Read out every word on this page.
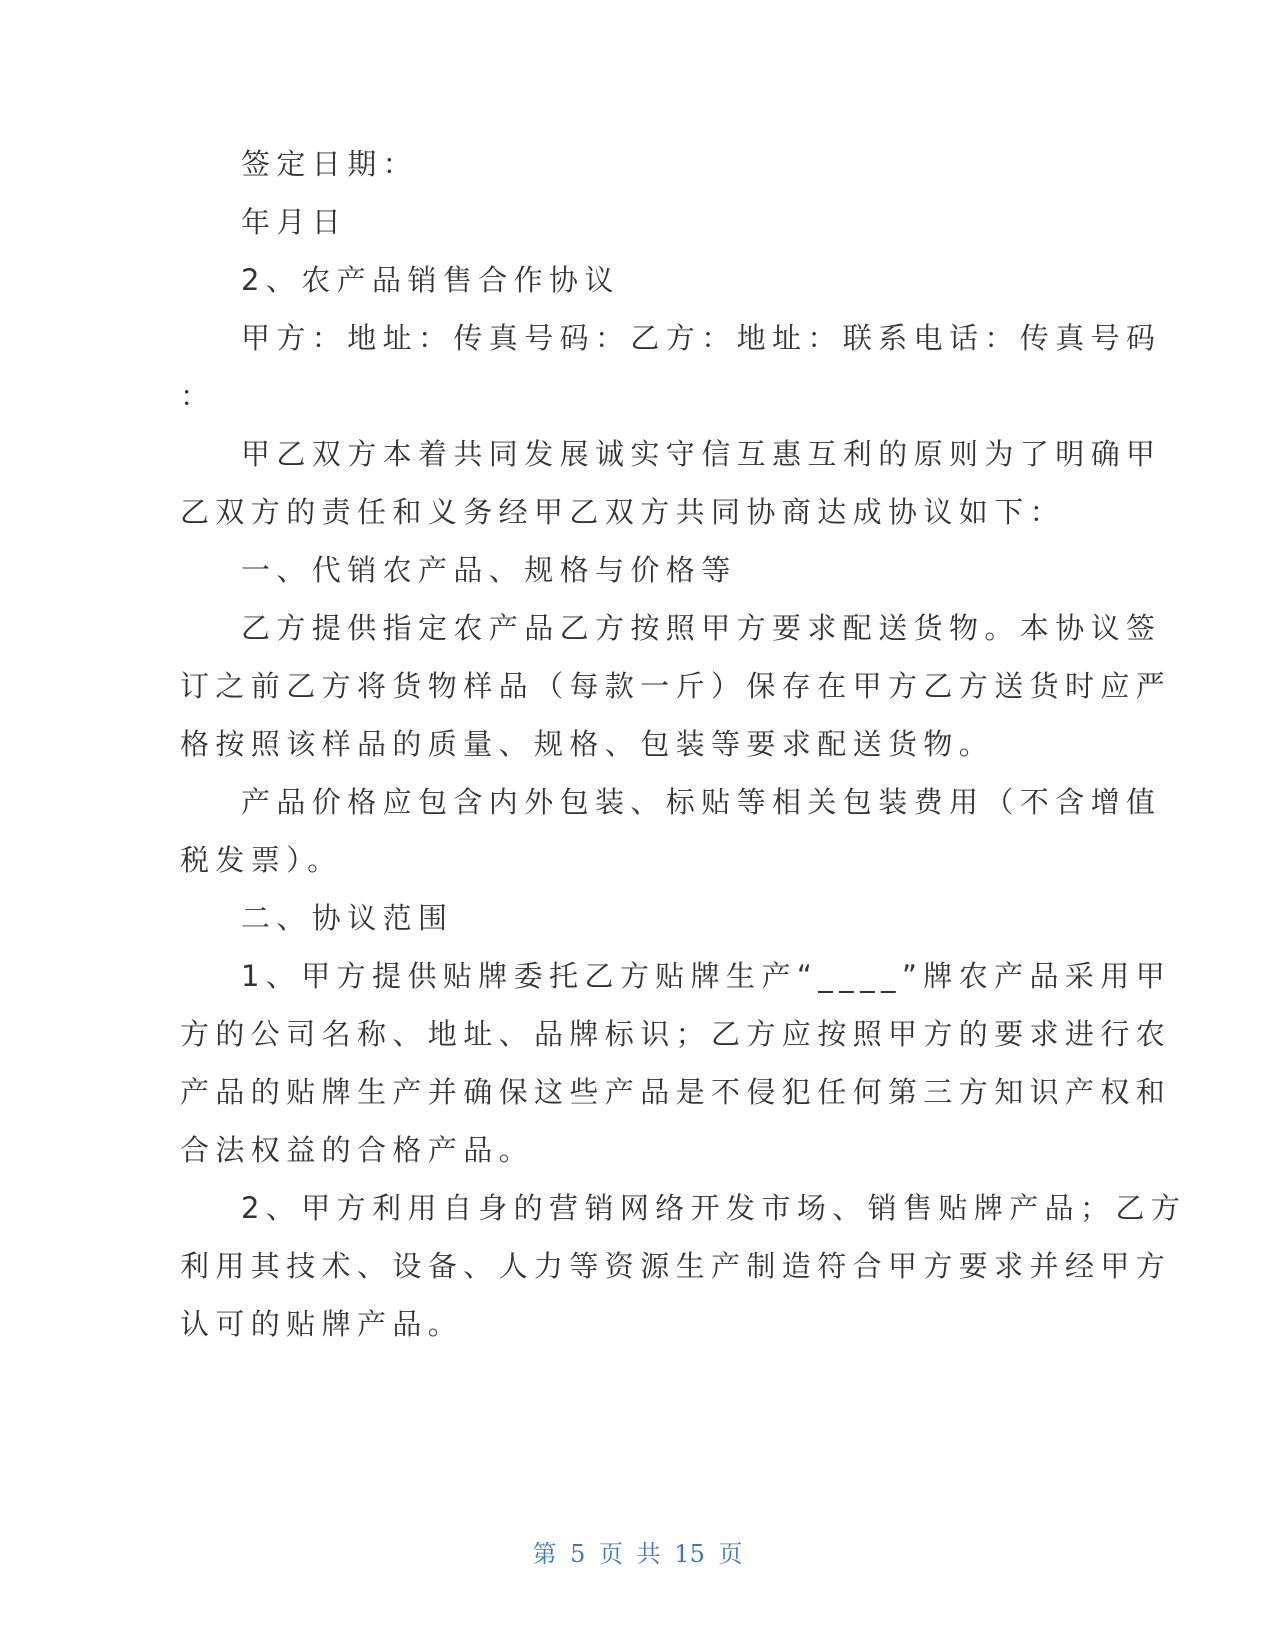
签定日期：
年月日
2、农产品销售合作协议
甲方：地址：传真号码：乙方：地址：联系电话：传真号码
：
甲乙双方本着共同发展诚实守信互惠互利的原则为了明确甲
乙双方的责任和义务经甲乙双方共同协商达成协议如下：
一、代销农产品、规格与价格等
乙方提供指定农产品乙方按照甲方要求配送货物。本协议签
订之前乙方将货物样品（每款一斤）保存在甲方乙方送货时应严
格按照该样品的质量、规格、包装等要求配送货物。
产品价格应包含内外包装、标贴等相关包装费用（不含增值
税发票）。
二、协议范围
1、甲方提供贴牌委托乙方贴牌生产“____”牌农产品采用甲
方的公司名称、地址、品牌标识；乙方应按照甲方的要求进行农
产品的贴牌生产并确保这些产品是不侵犯任何第三方知识产权和
合法权益的合格产品。
2、甲方利用自身的营销网络开发市场、销售贴牌产品；乙方
利用其技术、设备、人力等资源生产制造符合甲方要求并经甲方
认可的贴牌产品。
第 5 页 共 15 页
